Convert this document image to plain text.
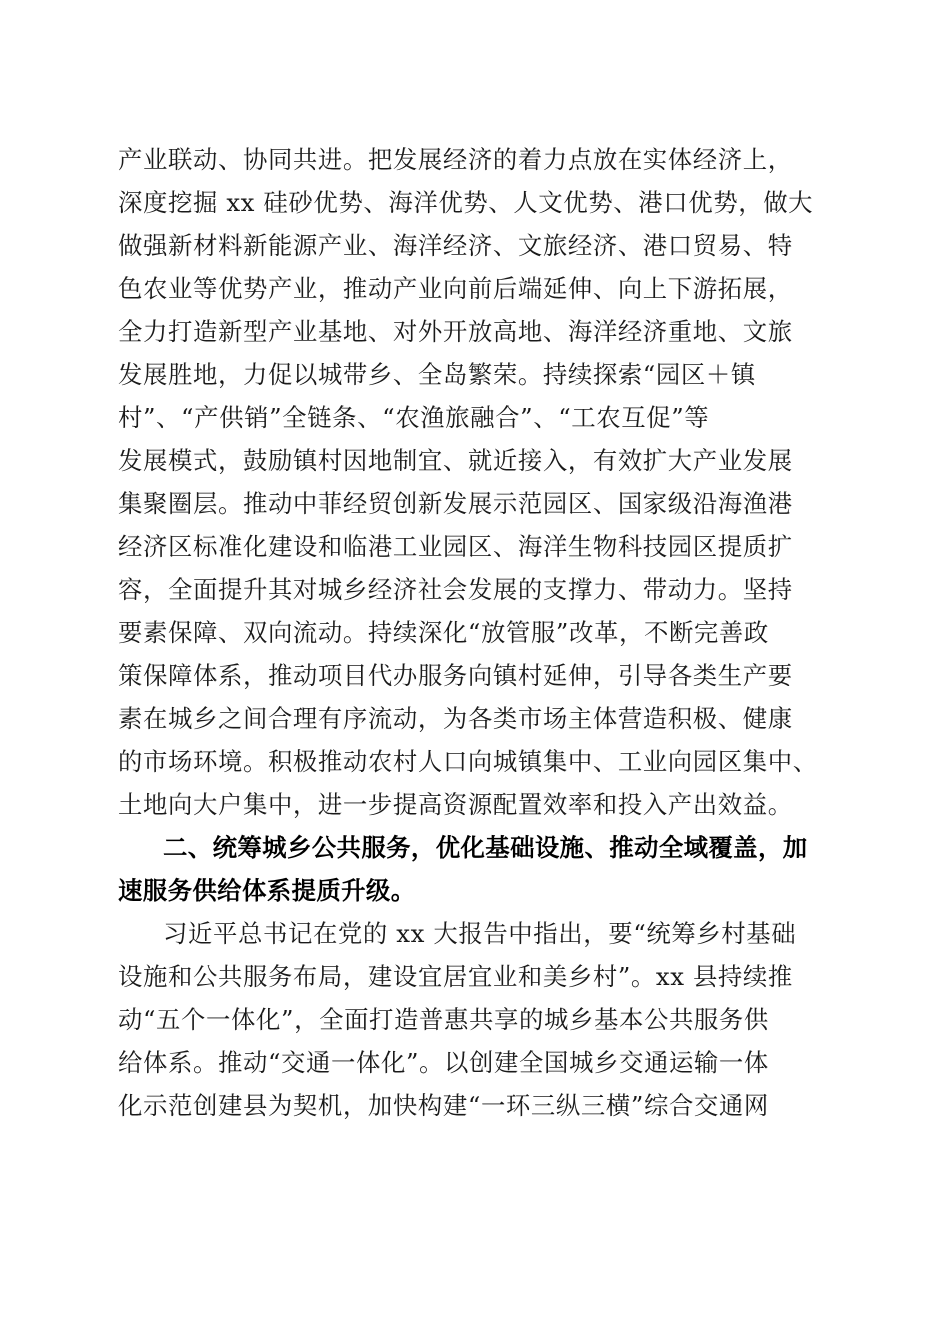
产业联动、协同共进。把发展经济的着力点放在实体经济上，
深度挖掘 xx 硅砂优势、海洋优势、人文优势、港口优势，做大
做强新材料新能源产业、海洋经济、文旅经济、港口贸易、特
色农业等优势产业，推动产业向前后端延伸、向上下游拓展，
全力打造新型产业基地、对外开放高地、海洋经济重地、文旅
发展胜地，力促以城带乡、全岛繁荣。持续探索“园区＋镇
村”、“产供销”全链条、“农渔旅融合”、“工农互促”等
发展模式，鼓励镇村因地制宜、就近接入，有效扩大产业发展
集聚圈层。推动中菲经贸创新发展示范园区、国家级沿海渔港
经济区标准化建设和临港工业园区、海洋生物科技园区提质扩
容，全面提升其对城乡经济社会发展的支撑力、带动力。坚持
要素保障、双向流动。持续深化“放管服”改革，不断完善政
策保障体系，推动项目代办服务向镇村延伸，引导各类生产要
素在城乡之间合理有序流动，为各类市场主体营造积极、健康
的市场环境。积极推动农村人口向城镇集中、工业向园区集中、
土地向大户集中，进一步提高资源配置效率和投入产出效益。
二、统筹城乡公共服务，优化基础设施、推动全域覆盖，加
速服务供给体系提质升级。
习近平总书记在党的 xx 大报告中指出，要“统筹乡村基础
设施和公共服务布局，建设宜居宜业和美乡村”。xx 县持续推
动“五个一体化”，全面打造普惠共享的城乡基本公共服务供
给体系。推动“交通一体化”。以创建全国城乡交通运输一体
化示范创建县为契机，加快构建“一环三纵三横”综合交通网
